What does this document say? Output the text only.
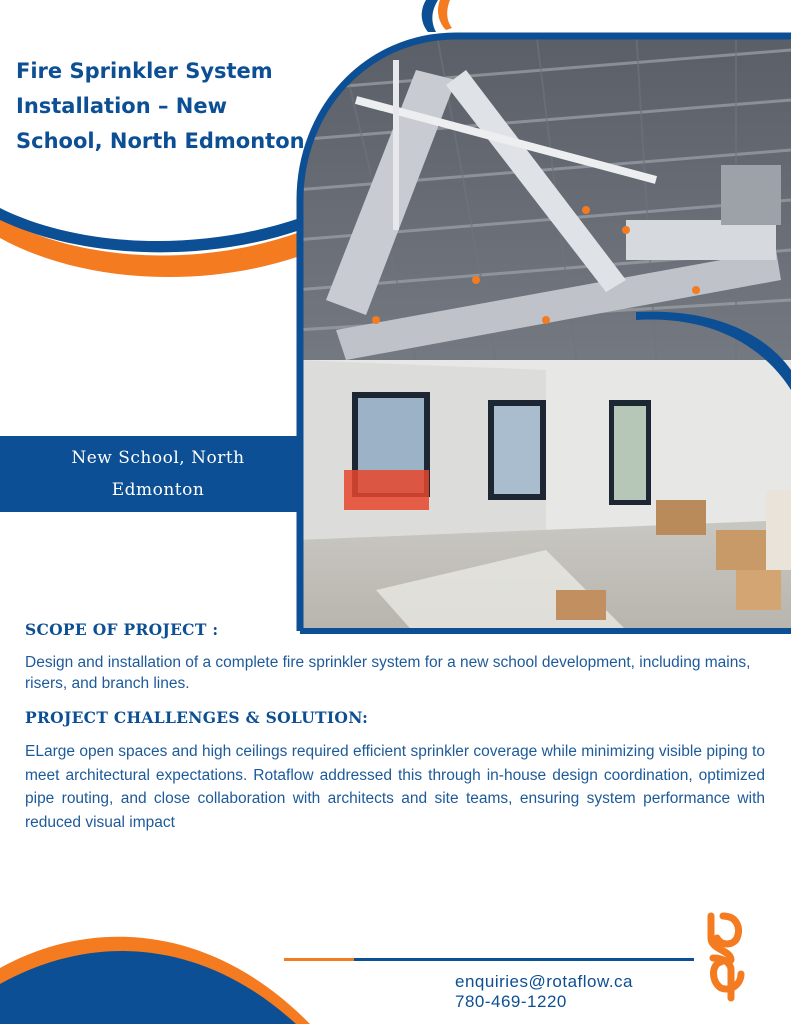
Fire Sprinkler System Installation – New School, North Edmonton
New School, North Edmonton
SCOPE OF PROJECT :

Design and installation of a complete fire sprinkler system for a new school development, including mains, risers, and branch lines.

PROJECT CHALLENGES & SOLUTION:

ELarge open spaces and high ceilings required efficient sprinkler coverage while minimizing visible piping to meet architectural expectations. Rotaflow addressed this through in-house design coordination, optimized pipe routing, and close collaboration with architects and site teams, ensuring system performance with reduced visual impact

enquiries@rotaflow.ca
780-469-1220
